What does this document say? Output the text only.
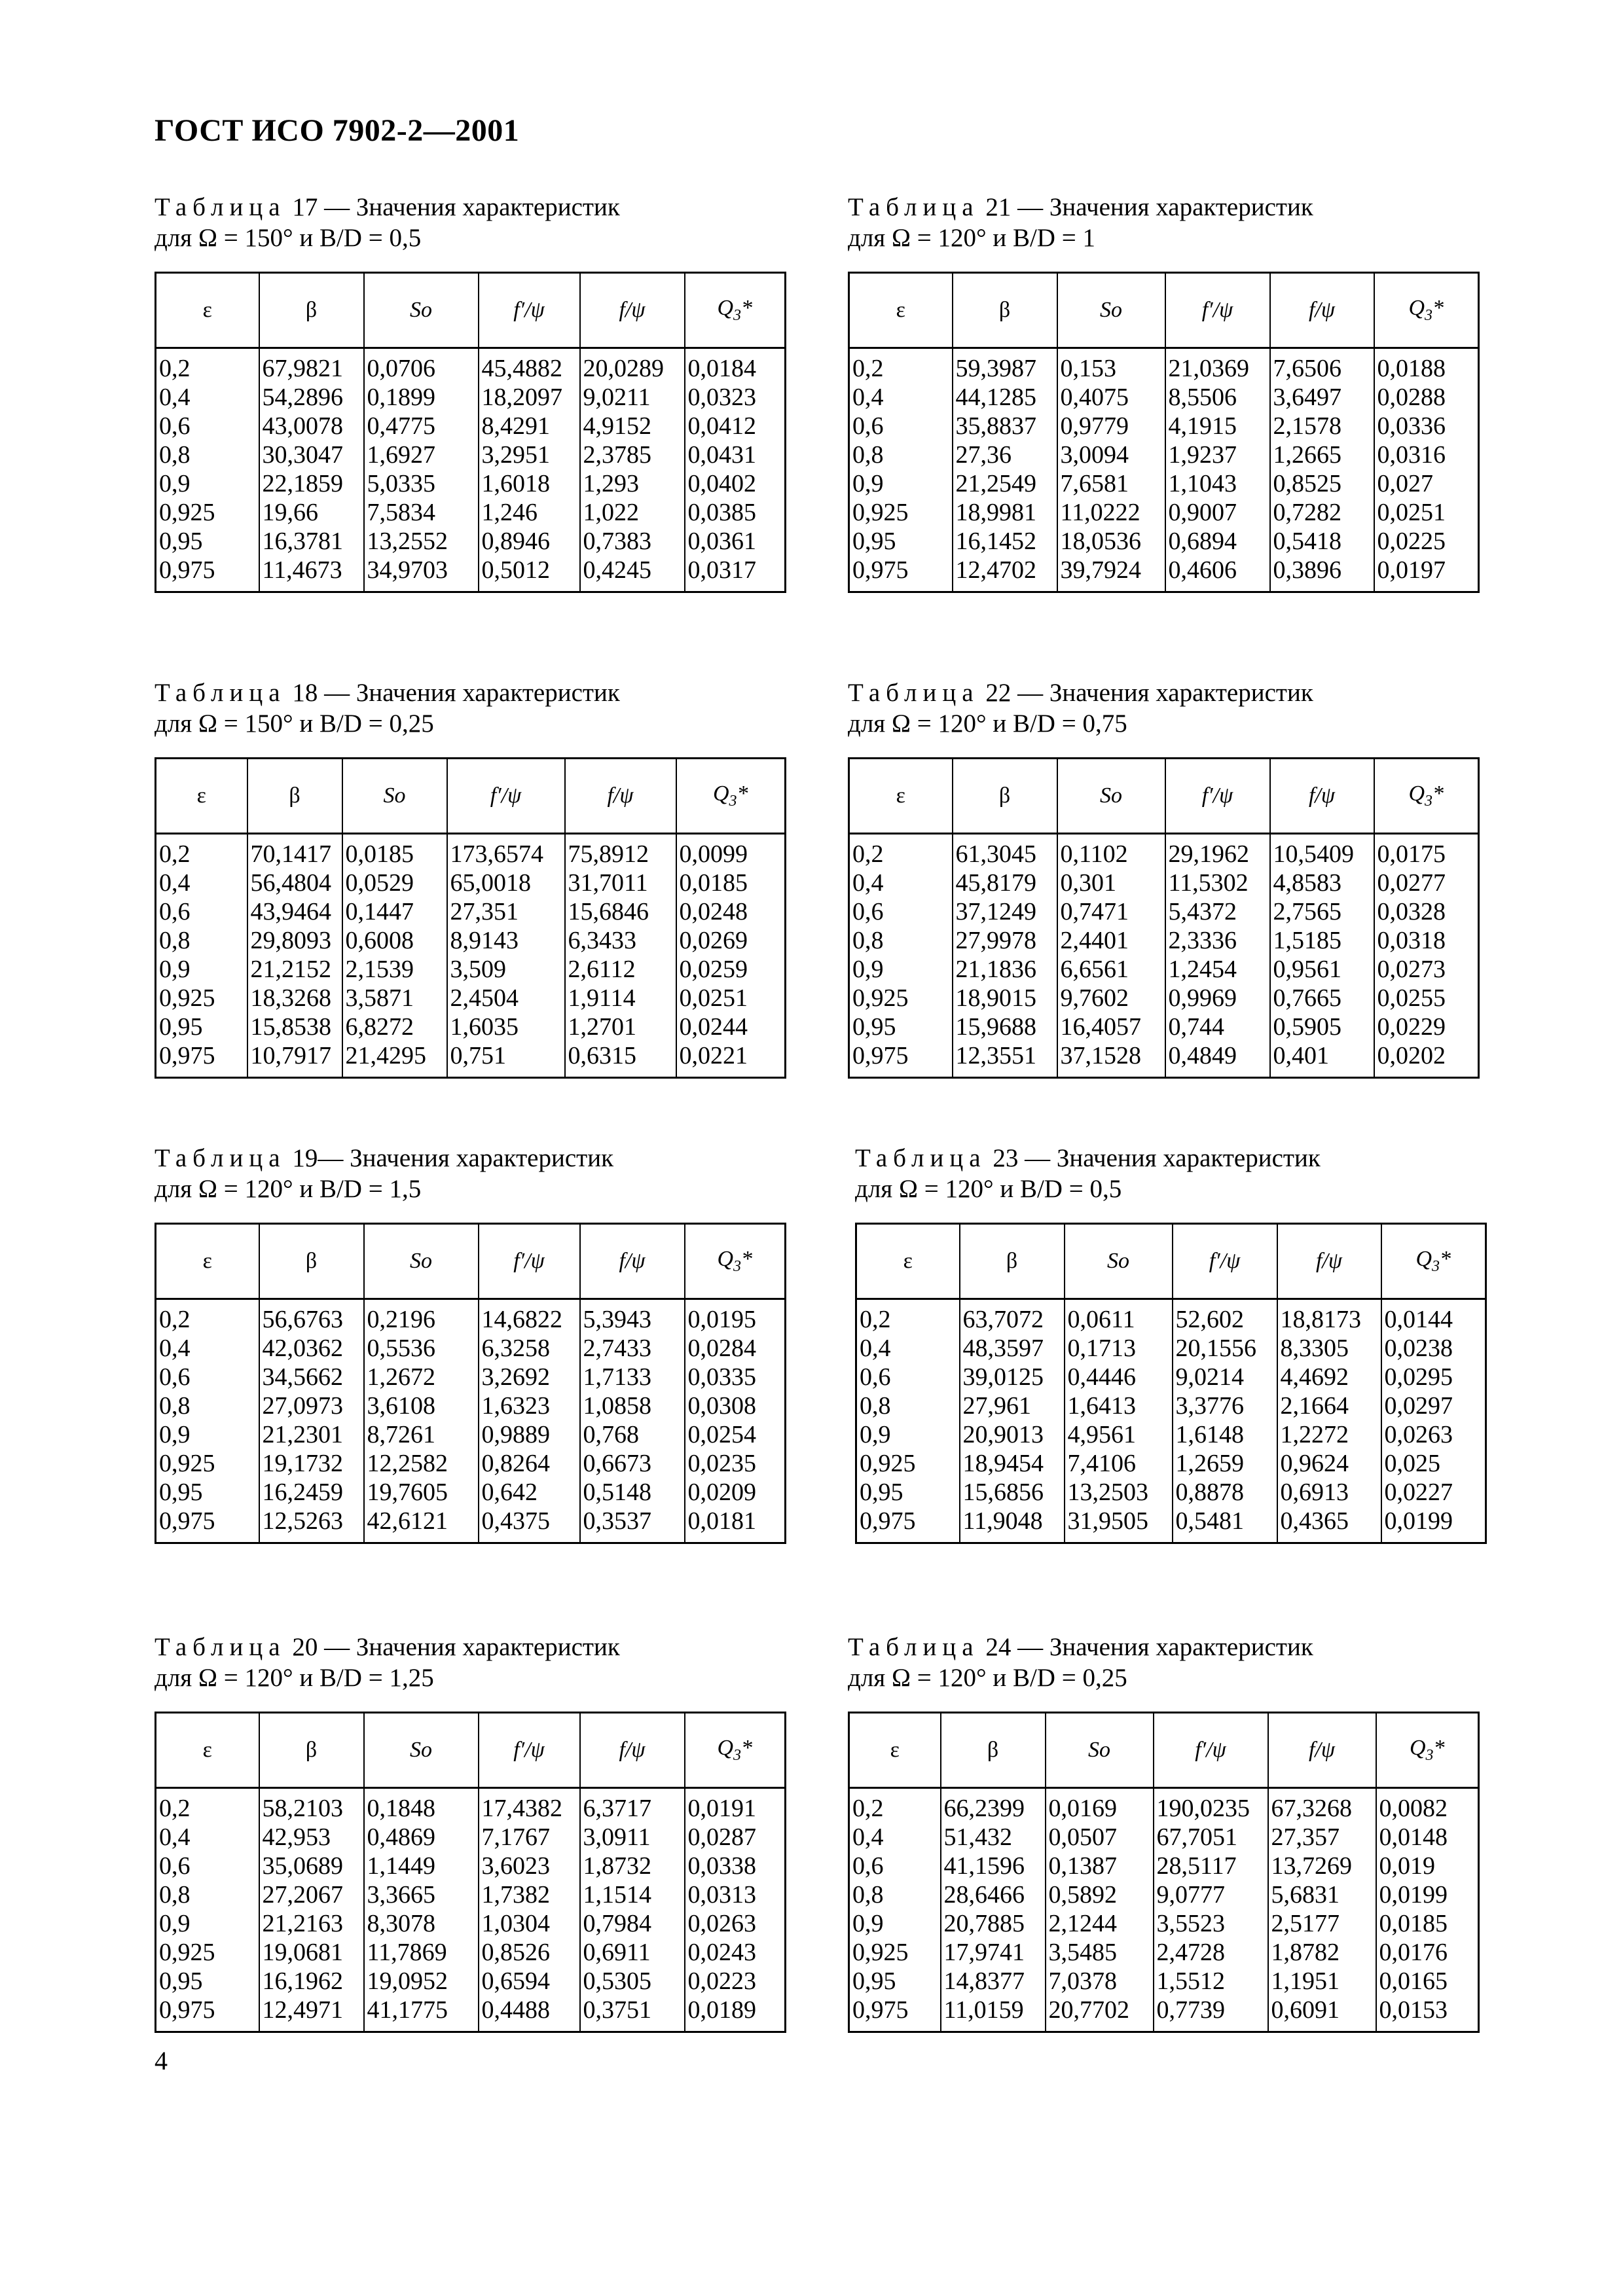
ГОСТ ИСО 7902-2—2001
Таблица 17 — Значения характеристик
для Ω = 150° и B/D = 0,5
ε	β	So	f′/ψ	f/ψ	$Q_3*$
0,2	67,9821	0,0706	45,4882	20,0289	0,0184
0,4	54,2896	0,1899	18,2097	9,0211	0,0323
0,6	43,0078	0,4775	8,4291	4,9152	0,0412
0,8	30,3047	1,6927	3,2951	2,3785	0,0431
0,9	22,1859	5,0335	1,6018	1,293	0,0402
0,925	19,66	7,5834	1,246	1,022	0,0385
0,95	16,3781	13,2552	0,8946	0,7383	0,0361
0,975	11,4673	34,9703	0,5012	0,4245	0,0317
Таблица 21 — Значения характеристик
для Ω = 120° и B/D = 1
ε	β	So	f′/ψ	f/ψ	$Q_3*$
0,2	59,3987	0,153	21,0369	7,6506	0,0188
0,4	44,1285	0,4075	8,5506	3,6497	0,0288
0,6	35,8837	0,9779	4,1915	2,1578	0,0336
0,8	27,36	3,0094	1,9237	1,2665	0,0316
0,9	21,2549	7,6581	1,1043	0,8525	0,027
0,925	18,9981	11,0222	0,9007	0,7282	0,0251
0,95	16,1452	18,0536	0,6894	0,5418	0,0225
0,975	12,4702	39,7924	0,4606	0,3896	0,0197
Таблица 18 — Значения характеристик
для Ω = 150° и B/D = 0,25
ε	β	So	f′/ψ	f/ψ	$Q_3*$
0,2	70,1417	0,0185	173,6574	75,8912	0,0099
0,4	56,4804	0,0529	65,0018	31,7011	0,0185
0,6	43,9464	0,1447	27,351	15,6846	0,0248
0,8	29,8093	0,6008	8,9143	6,3433	0,0269
0,9	21,2152	2,1539	3,509	2,6112	0,0259
0,925	18,3268	3,5871	2,4504	1,9114	0,0251
0,95	15,8538	6,8272	1,6035	1,2701	0,0244
0,975	10,7917	21,4295	0,751	0,6315	0,0221
Таблица 22 — Значения характеристик
для Ω = 120° и B/D = 0,75
ε	β	So	f′/ψ	f/ψ	$Q_3*$
0,2	61,3045	0,1102	29,1962	10,5409	0,0175
0,4	45,8179	0,301	11,5302	4,8583	0,0277
0,6	37,1249	0,7471	5,4372	2,7565	0,0328
0,8	27,9978	2,4401	2,3336	1,5185	0,0318
0,9	21,1836	6,6561	1,2454	0,9561	0,0273
0,925	18,9015	9,7602	0,9969	0,7665	0,0255
0,95	15,9688	16,4057	0,744	0,5905	0,0229
0,975	12,3551	37,1528	0,4849	0,401	0,0202
Таблица 19— Значения характеристик
для Ω = 120° и B/D = 1,5
ε	β	So	f′/ψ	f/ψ	$Q_3*$
0,2	56,6763	0,2196	14,6822	5,3943	0,0195
0,4	42,0362	0,5536	6,3258	2,7433	0,0284
0,6	34,5662	1,2672	3,2692	1,7133	0,0335
0,8	27,0973	3,6108	1,6323	1,0858	0,0308
0,9	21,2301	8,7261	0,9889	0,768	0,0254
0,925	19,1732	12,2582	0,8264	0,6673	0,0235
0,95	16,2459	19,7605	0,642	0,5148	0,0209
0,975	12,5263	42,6121	0,4375	0,3537	0,0181
Таблица 23 — Значения характеристик
для Ω = 120° и B/D = 0,5
ε	β	So	f′/ψ	f/ψ	$Q_3*$
0,2	63,7072	0,0611	52,602	18,8173	0,0144
0,4	48,3597	0,1713	20,1556	8,3305	0,0238
0,6	39,0125	0,4446	9,0214	4,4692	0,0295
0,8	27,961	1,6413	3,3776	2,1664	0,0297
0,9	20,9013	4,9561	1,6148	1,2272	0,0263
0,925	18,9454	7,4106	1,2659	0,9624	0,025
0,95	15,6856	13,2503	0,8878	0,6913	0,0227
0,975	11,9048	31,9505	0,5481	0,4365	0,0199
Таблица 20 — Значения характеристик
для Ω = 120° и B/D = 1,25
ε	β	So	f′/ψ	f/ψ	$Q_3*$
0,2	58,2103	0,1848	17,4382	6,3717	0,0191
0,4	42,953	0,4869	7,1767	3,0911	0,0287
0,6	35,0689	1,1449	3,6023	1,8732	0,0338
0,8	27,2067	3,3665	1,7382	1,1514	0,0313
0,9	21,2163	8,3078	1,0304	0,7984	0,0263
0,925	19,0681	11,7869	0,8526	0,6911	0,0243
0,95	16,1962	19,0952	0,6594	0,5305	0,0223
0,975	12,4971	41,1775	0,4488	0,3751	0,0189
Таблица 24 — Значения характеристик
для Ω = 120° и B/D = 0,25
ε	β	So	f′/ψ	f/ψ	$Q_3*$
0,2	66,2399	0,0169	190,0235	67,3268	0,0082
0,4	51,432	0,0507	67,7051	27,357	0,0148
0,6	41,1596	0,1387	28,5117	13,7269	0,019
0,8	28,6466	0,5892	9,0777	5,6831	0,0199
0,9	20,7885	2,1244	3,5523	2,5177	0,0185
0,925	17,9741	3,5485	2,4728	1,8782	0,0176
0,95	14,8377	7,0378	1,5512	1,1951	0,0165
0,975	11,0159	20,7702	0,7739	0,6091	0,0153
4
